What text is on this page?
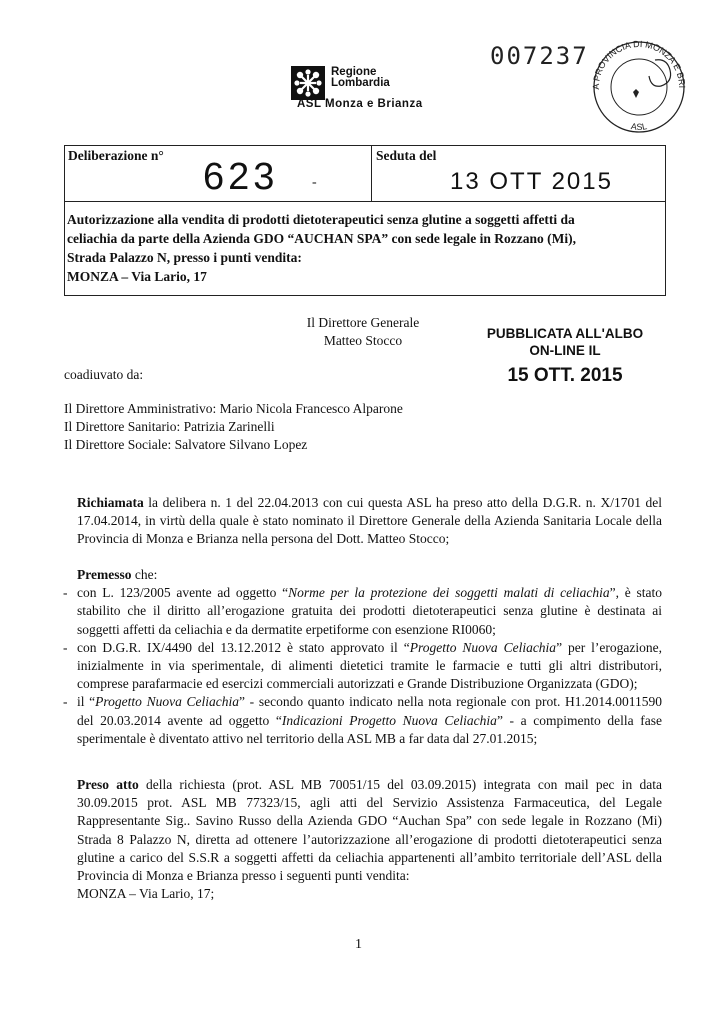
007237
Regione
Lombardia
ASL Monza e Brianza
A PROVINCIA DI MONZA E BRI
ASL
Deliberazione n°
623 -
Seduta del
13 OTT 2015
Autorizzazione alla vendita di prodotti dietoterapeutici senza glutine a soggetti affetti da
celiachia da parte della Azienda GDO “AUCHAN SPA” con sede legale in Rozzano (Mi),
Strada Palazzo N, presso i punti vendita:
MONZA – Via Lario, 17
Il Direttore Generale
Matteo Stocco	PUBBLICATA ALL'ALBO
ON-LINE IL
15 OTT. 2015
coadiuvato da:
Il Direttore Amministrativo: Mario Nicola Francesco Alparone
Il Direttore Sanitario: Patrizia Zarinelli
Il Direttore Sociale: Salvatore Silvano Lopez
Richiamata la delibera n. 1 del 22.04.2013 con cui questa ASL ha preso atto della D.G.R. n. X/1701 del 17.04.2014, in virtù della quale è stato nominato il Direttore Generale della Azienda Sanitaria Locale della Provincia di Monza e Brianza nella persona del Dott. Matteo Stocco;
Premesso che:
- con L. 123/2005 avente ad oggetto “Norme per la protezione dei soggetti malati di celiachia”, è stato stabilito che il diritto all’erogazione gratuita dei prodotti dietoterapeutici senza glutine è destinata ai soggetti affetti da celiachia e da dermatite erpetiforme con esenzione RI0060;
- con D.G.R. IX/4490 del 13.12.2012 è stato approvato il “Progetto Nuova Celiachia” per l’erogazione, inizialmente in via sperimentale, di alimenti dietetici tramite le farmacie e tutti gli altri distributori, comprese parafarmacie ed esercizi commerciali autorizzati e Grande Distribuzione Organizzata (GDO);
- il “Progetto Nuova Celiachia” - secondo quanto indicato nella nota regionale con prot. H1.2014.0011590 del 20.03.2014 avente ad oggetto “Indicazioni Progetto Nuova Celiachia” - a compimento della fase sperimentale è diventato attivo nel territorio della ASL MB a far data dal 27.01.2015;
Preso atto della richiesta (prot. ASL MB 70051/15 del 03.09.2015) integrata con mail pec in data 30.09.2015 prot. ASL MB 77323/15, agli atti del Servizio Assistenza Farmaceutica, del Legale Rappresentante Sig.. Savino Russo della Azienda GDO “Auchan Spa” con sede legale in Rozzano (Mi) Strada 8 Palazzo N, diretta ad ottenere l’autorizzazione all’erogazione di prodotti dietoterapeutici senza glutine a carico del S.S.R a soggetti affetti da celiachia appartenenti all’ambito territoriale dell’ASL della Provincia di Monza e Brianza presso i seguenti punti vendita:
MONZA – Via Lario, 17;
1
